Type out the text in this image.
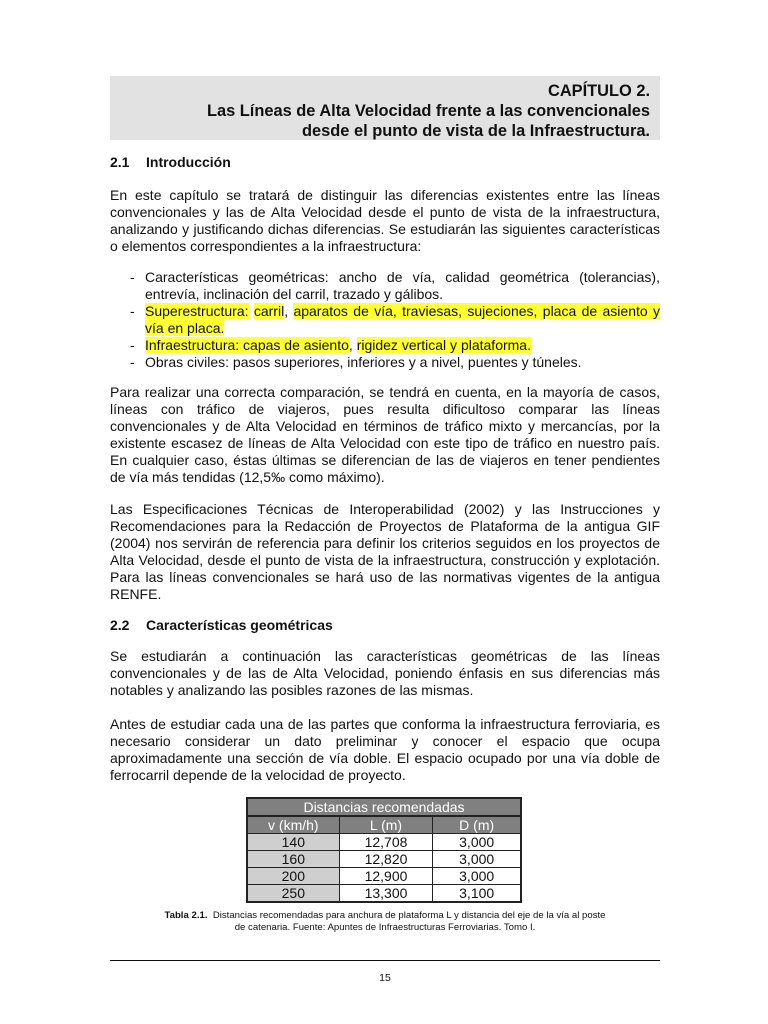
CAPÍTULO 2.
Las Líneas de Alta Velocidad frente a las convencionales
desde el punto de vista de la Infraestructura.
2.1 Introducción

En este capítulo se tratará de distinguir las diferencias existentes entre las líneas convencionales y las de Alta Velocidad desde el punto de vista de la infraestructura, analizando y justificando dichas diferencias. Se estudiarán las siguientes características o elementos correspondientes a la infraestructura:

- Características geométricas: ancho de vía, calidad geométrica (tolerancias), entrevía, inclinación del carril, trazado y gálibos.
- Superestructura: carril, aparatos de vía, traviesas, sujeciones, placa de asiento y vía en placa.
- Infraestructura: capas de asiento, rigidez vertical y plataforma.
- Obras civiles: pasos superiores, inferiores y a nivel, puentes y túneles.

Para realizar una correcta comparación, se tendrá en cuenta, en la mayoría de casos, líneas con tráfico de viajeros, pues resulta dificultoso comparar las líneas convencionales y de Alta Velocidad en términos de tráfico mixto y mercancías, por la existente escasez de líneas de Alta Velocidad con este tipo de tráfico en nuestro país. En cualquier caso, éstas últimas se diferencian de las de viajeros en tener pendientes de vía más tendidas (12,5‰ como máximo).

Las Especificaciones Técnicas de Interoperabilidad (2002) y las Instrucciones y Recomendaciones para la Redacción de Proyectos de Plataforma de la antigua GIF (2004) nos servirán de referencia para definir los criterios seguidos en los proyectos de Alta Velocidad, desde el punto de vista de la infraestructura, construcción y explotación. Para las líneas convencionales se hará uso de las normativas vigentes de la antigua RENFE.

2.2 Características geométricas

Se estudiarán a continuación las características geométricas de las líneas convencionales y de las de Alta Velocidad, poniendo énfasis en sus diferencias más notables y analizando las posibles razones de las mismas.

Antes de estudiar cada una de las partes que conforma la infraestructura ferroviaria, es necesario considerar un dato preliminar y conocer el espacio que ocupa aproximadamente una sección de vía doble. El espacio ocupado por una vía doble de ferrocarril depende de la velocidad de proyecto.

Distancias recomendadas		
v (km/h)	L (m)	D (m)
140	12,708	3,000
160	12,820	3,000
200	12,900	3,000
250	13,300	3,100
Tabla 2.1. Distancias recomendadas para anchura de plataforma L y distancia del eje de la vía al poste
de catenaria. Fuente: Apuntes de Infraestructuras Ferroviarias. Tomo I.
15
